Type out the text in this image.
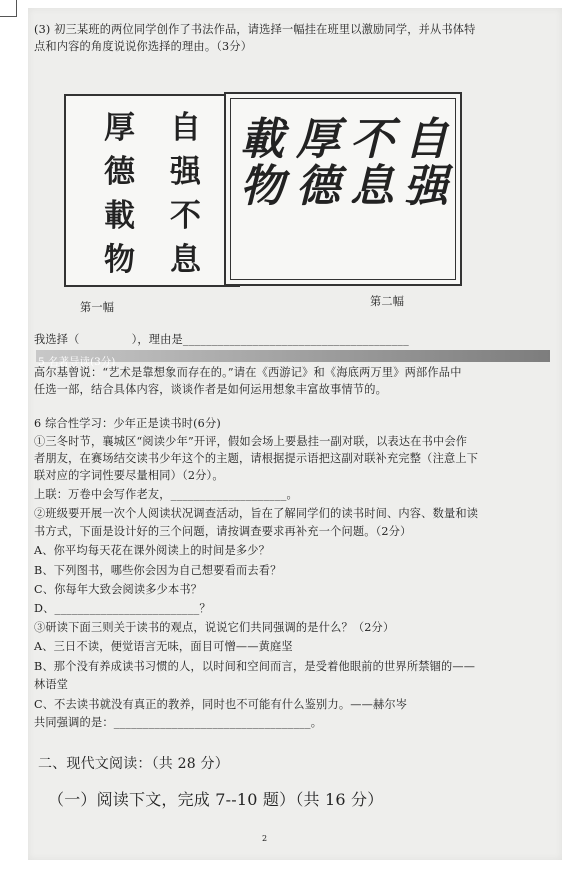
(3) 初三某班的两位同学创作了书法作品，请选择一幅挂在班里以激励同学，并从书体特
点和内容的角度说说你选择的理由。（3分）
厚
德
載
物
自
强
不
息
載
物
厚
德
不
息
自
强
第一幅	第二幅
我选择（	），理由是_______________________________________
5 名著导读(3分)
高尔基曾说：“艺术是靠想象而存在的。”请在《西游记》和《海底两万里》两部作品中
任选一部，结合具体内容，谈谈作者是如何运用想象丰富故事情节的。
6 综合性学习：少年正是读书时(6分)
①三冬时节，襄城区“阅读少年”开评，假如会场上要悬挂一副对联，以表达在书中会作
者朋友，在赛场结交读书少年这个的主题，请根据提示语把这副对联补充完整（注意上下
联对应的字词性要尽量相同）（2分）。
上联：万卷中会写作老友，____________________。
②班级要开展一次个人阅读状况调查活动，旨在了解同学们的读书时间、内容、数量和读
书方式，下面是设计好的三个问题，请按调查要求再补充一个问题。（2分）
A、你平均每天花在课外阅读上的时间是多少？
B、下列图书，哪些你会因为自己想要看而去看？
C、你每年大致会阅读多少本书？
D、_________________________？
③研读下面三则关于读书的观点，说说它们共同强调的是什么？（2分）
A、三日不读，便觉语言无味，面目可憎——黄庭坚
B、那个没有养成读书习惯的人，以时间和空间而言，是受着他眼前的世界所禁锢的——
林语堂
C、不去读书就没有真正的教养，同时也不可能有什么鉴别力。——赫尔岑
共同强调的是：__________________________________。
二、现代文阅读：（共 28 分）
（一）阅读下文，完成 7--10 题）（共 16 分）
2
